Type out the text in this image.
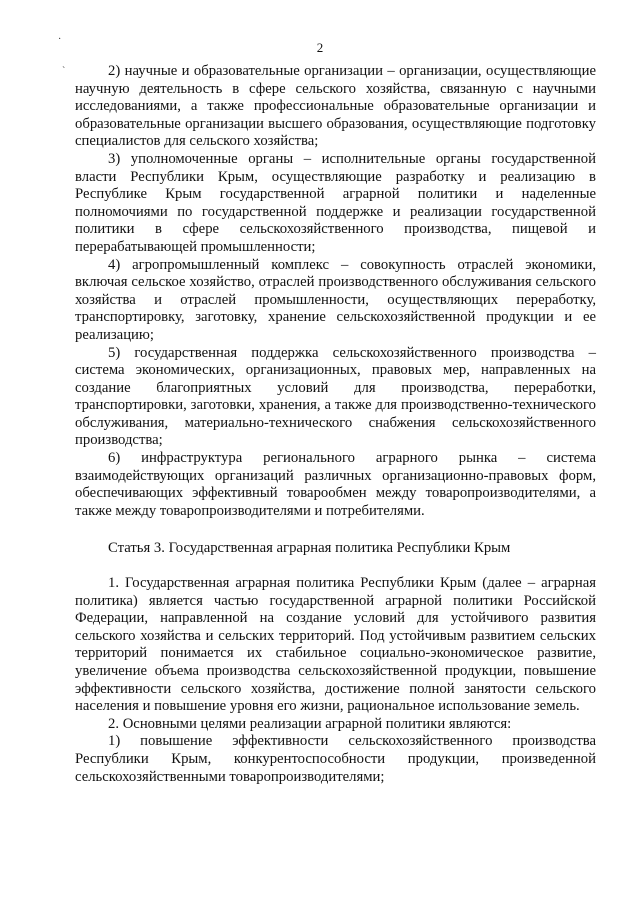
·
`
2

2) научные и образовательные организации – организации, осуществляющие научную деятельность в сфере сельского хозяйства, связанную с научными исследованиями, а также профессиональные образовательные организации и образовательные организации высшего образования, осуществляющие подготовку специалистов для сельского хозяйства;

3) уполномоченные органы – исполнительные органы государственной власти Республики Крым, осуществляющие разработку и реализацию в Республике Крым государственной аграрной политики и наделенные полномочиями по государственной поддержке и реализации государственной политики в сфере сельскохозяйственного производства, пищевой и перерабатывающей промышленности;

4) агропромышленный комплекс – совокупность отраслей экономики, включая сельское хозяйство, отраслей производственного обслуживания сельского хозяйства и отраслей промышленности, осуществляющих переработку, транспортировку, заготовку, хранение сельскохозяйственной продукции и ее реализацию;

5) государственная поддержка сельскохозяйственного производства – система экономических, организационных, правовых мер, направленных на создание благоприятных условий для производства, переработки, транспортировки, заготовки, хранения, а также для производственно-технического обслуживания, материально-технического снабжения сельскохозяйственного производства;

6) инфраструктура регионального аграрного рынка – система взаимодействующих организаций различных организационно-правовых форм, обеспечивающих эффективный товарообмен между товаропроизводителями, а также между товаропроизводителями и потребителями.

Статья 3. Государственная аграрная политика Республики Крым

1. Государственная аграрная политика Республики Крым (далее – аграрная политика) является частью государственной аграрной политики Российской Федерации, направленной на создание условий для устойчивого развития сельского хозяйства и сельских территорий. Под устойчивым развитием сельских территорий понимается их стабильное социально-экономическое развитие, увеличение объема производства сельскохозяйственной продукции, повышение эффективности сельского хозяйства, достижение полной занятости сельского населения и повышение уровня его жизни, рациональное использование земель.

2. Основными целями реализации аграрной политики являются:

1) повышение эффективности сельскохозяйственного производства Республики Крым, конкурентоспособности продукции, произведенной сельскохозяйственными товаропроизводителями;
